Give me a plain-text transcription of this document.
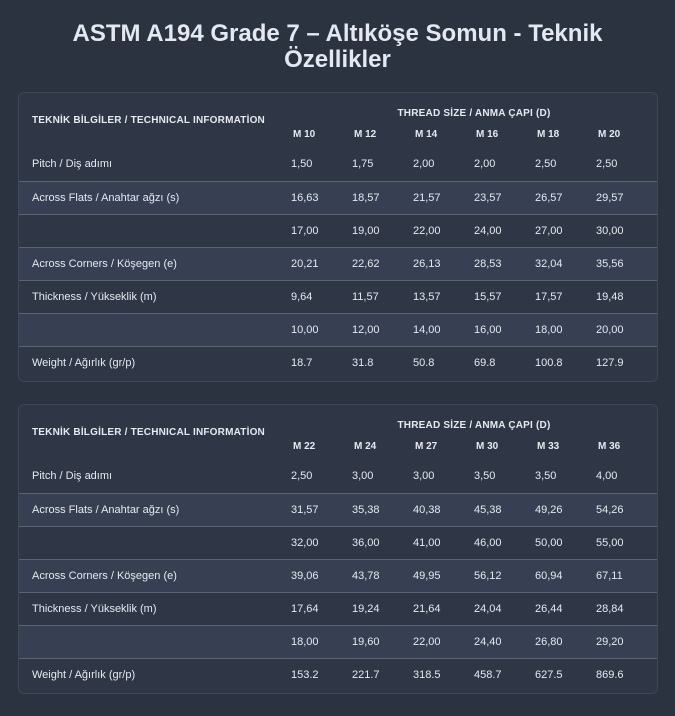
ASTM A194 Grade 7 – Altıköşe Somun - Teknik Özellikler
TEKNİK BİLGİLER / TECHNICAL INFORMATİON	THREAD SİZE / ANMA ÇAPI (D)					
	M 10	M 12	M 14	M 16	M 18	M 20
Pitch / Diş adımı	1,50	1,75	2,00	2,00	2,50	2,50
Across Flats / Anahtar ağzı (s)	16,63	18,57	21,57	23,57	26,57	29,57
	17,00	19,00	22,00	24,00	27,00	30,00
Across Corners / Köşegen (e)	20,21	22,62	26,13	28,53	32,04	35,56
Thickness / Yükseklik (m)	9,64	11,57	13,57	15,57	17,57	19,48
	10,00	12,00	14,00	16,00	18,00	20,00
Weight / Ağırlık (gr/p)	18.7	31.8	50.8	69.8	100.8	127.9
TEKNİK BİLGİLER / TECHNICAL INFORMATİON	THREAD SİZE / ANMA ÇAPI (D)					
	M 22	M 24	M 27	M 30	M 33	M 36
Pitch / Diş adımı	2,50	3,00	3,00	3,50	3,50	4,00
Across Flats / Anahtar ağzı (s)	31,57	35,38	40,38	45,38	49,26	54,26
	32,00	36,00	41,00	46,00	50,00	55,00
Across Corners / Köşegen (e)	39,06	43,78	49,95	56,12	60,94	67,11
Thickness / Yükseklik (m)	17,64	19,24	21,64	24,04	26,44	28,84
	18,00	19,60	22,00	24,40	26,80	29,20
Weight / Ağırlık (gr/p)	153.2	221.7	318.5	458.7	627.5	869.6
